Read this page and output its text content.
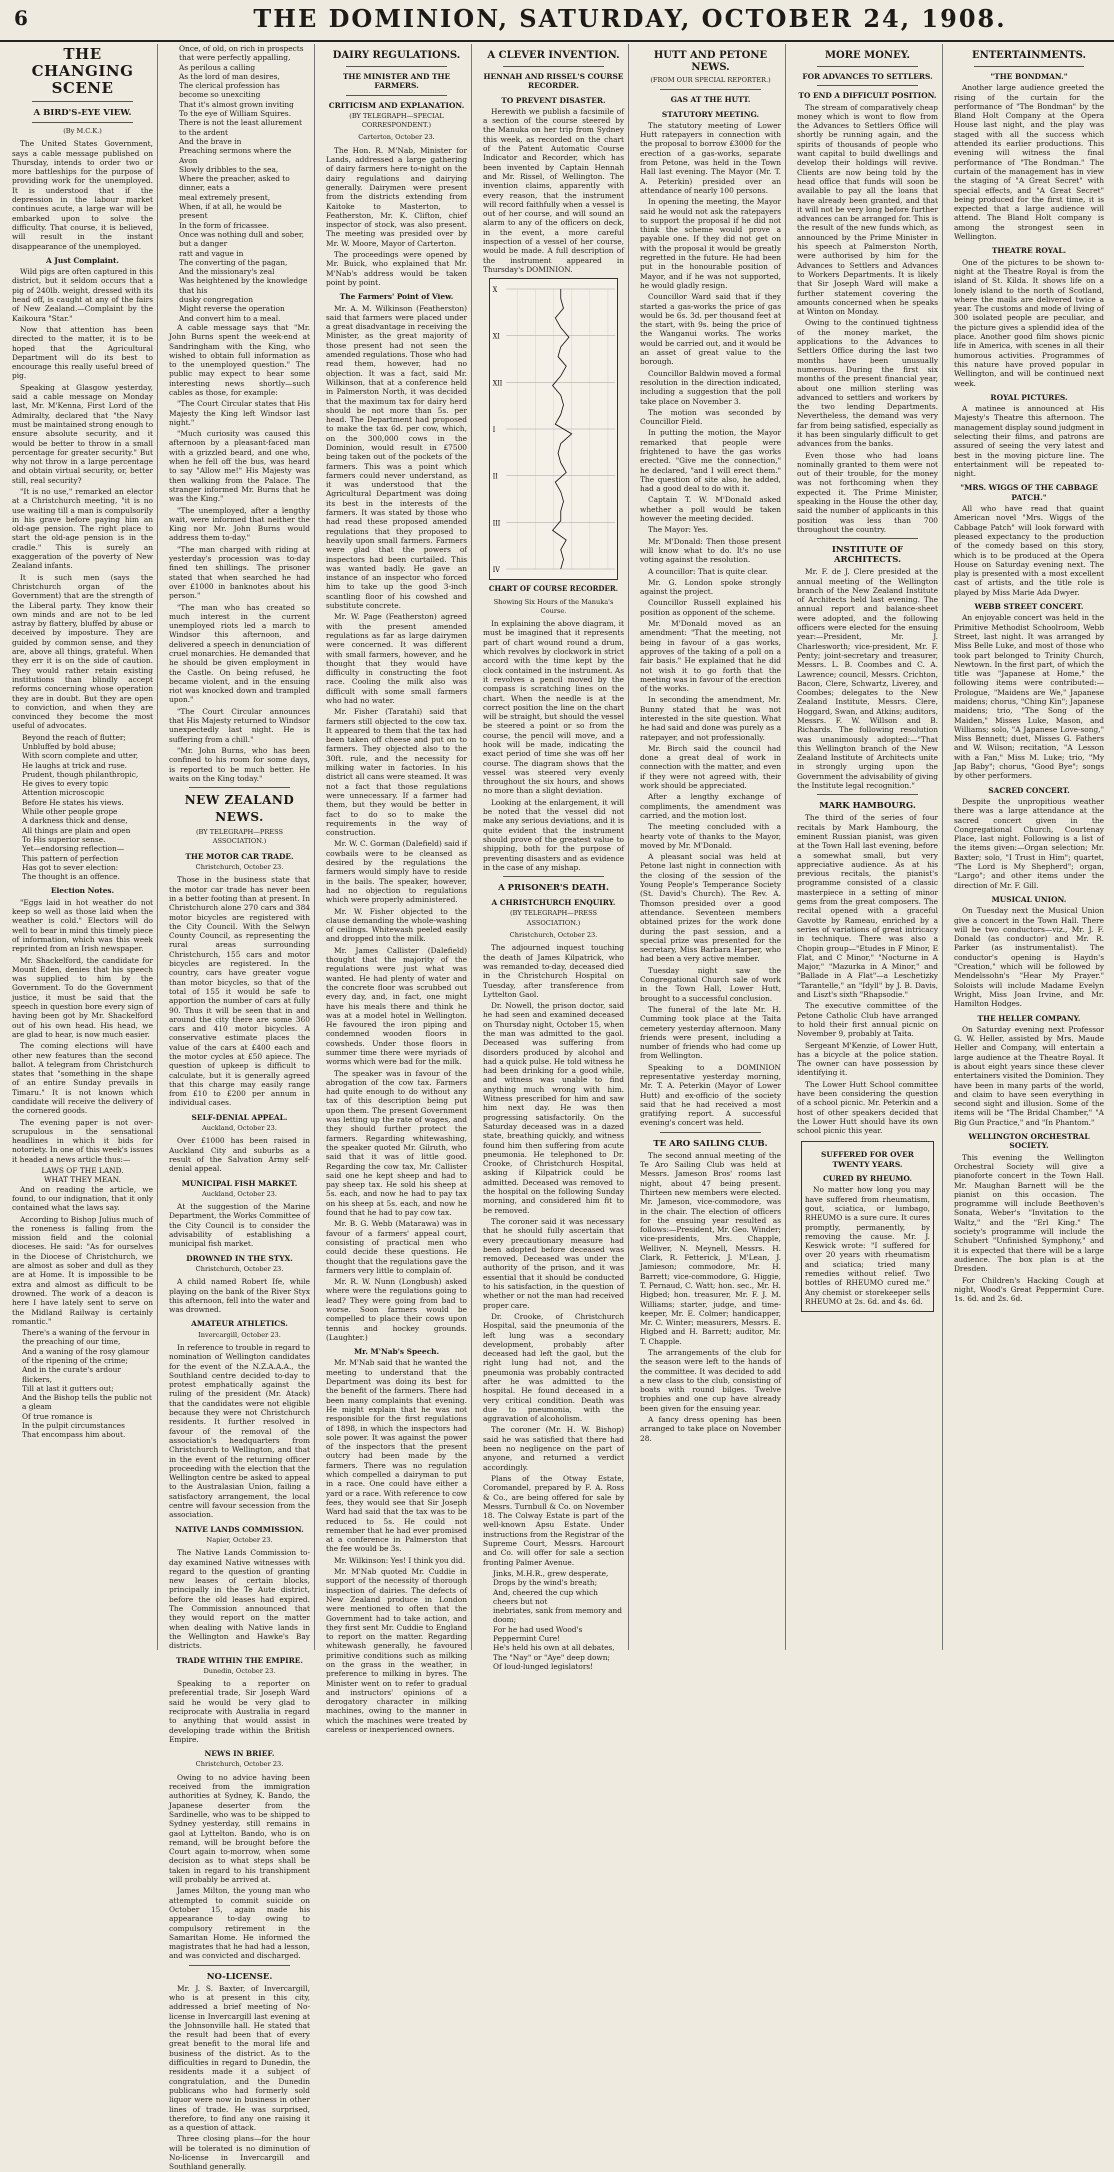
6	THE DOMINION, SATURDAY, OCTOBER 24, 1908.
THE CHANGING SCENE
A BIRD'S-EYE VIEW.
(By M.C.K.)

The United States Government, says a cable message published on Thursday, intends to order two or more battleships for the purpose of providing work for the unemployed. It is understood that if the depression in the labour market continues acute, a large war will be embarked upon to solve the difficulty. That course, it is believed, will result in the instant disappearance of the unemployed.

A Just Complaint.

Wild pigs are often captured in this district, but it seldom occurs that a pig of 240lb. weight, dressed with its head off, is caught at any of the fairs of New Zealand.—Complaint by the Kaikoura "Star."

Now that attention has been directed to the matter, it is to be hoped that the Agricultural Department will do its best to encourage this really useful breed of pig.

Speaking at Glasgow yesterday, said a cable message on Monday last, Mr. M'Kenna, First Lord of the Admiralty, declared that "the Navy must be maintained strong enough to ensure absolute security, and it would be better to throw in a small percentage for greater security." But why not throw in a large percentage and obtain virtual security, or, better still, real security?

"It is no use," remarked an elector at a Christchurch meeting, "it is no use waiting till a man is compulsorily in his grave before paying him an old-age pension. The right place to start the old-age pension is in the cradle." This is surely an exaggeration of the poverty of New Zealand infants.

It is such men (says the Christchurch organ of the Government) that are the strength of the Liberal party. They know their own minds and are not to be led astray by flattery, bluffed by abuse or deceived by imposture. They are guided by common sense, and they are, above all things, grateful. When they err it is on the side of caution. They would rather retain existing institutions than blindly accept reforms concerning whose operation they are in doubt. But they are open to conviction, and when they are convinced they become the most useful of advocates.

Beyond the reach of flutter;
Unbluffed by bold abuse;
With scorn complete and utter,
He laughs at trick and ruse.
Prudent, though philanthropic,
He gives to every topic
Attention microscopic
Before He states his views.
While other people grope
A darkness thick and dense,
All things are plain and open
To His superior sense.
Yet—endorsing reflection—
This pattern of perfection
Has got to sever election:
The thought is an offence.
Election Notes.

"Eggs laid in hot weather do not keep so well as those laid when the weather is cold." Electors will do well to bear in mind this timely piece of information, which was this week reprinted from an Irish newspaper.

Mr. Shackelford, the candidate for Mount Eden, denies that his speech was supplied to him by the Government. To do the Government justice, it must be said that the speech in question bore every sign of having been got by Mr. Shackelford out of his own head. His head, we are glad to hear, is now much easier.

The coming elections will have other new features than the second ballot. A telegram from Christchurch states that "something in the shape of an entire Sunday prevails in Timaru." It is not known which candidate will receive the delivery of the cornered goods.

The evening paper is not over-scrupulous in the sensational headlines in which it bids for notoriety. In one of this week's issues it headed a news article thus:—

LAWS OF THE LAND.
WHAT THEY MEAN.

And on reading the article, we found, to our indignation, that it only contained what the laws say.

According to Bishop Julius much of the roneness is falling from the mission field and the colonial dioceses. He said: "As for ourselves in the Diocese of Christchurch, we are almost as sober and dull as they are at Home. It is impossible to be extra and almost as difficult to be drowned. The work of a deacon is here I have lately sent to serve on the Midland Railway is certainly romantic."

There's a waning of the fervour in the preaching of our time,
And a waning of the rosy glamour of the ripening of the crime;
And in the curate's ardour flickers,
Till at last it gutters out;
And the Bishop tells the public not a gleam
Of true romance is
In the pulpit circumstances
That encompass him about.
Once, of old, on rich in prospects that were perfectly appalling,
As perilous a calling
As the lord of man desires,
The clerical profession has become so unexciting
That it's almost grown inviting
To the eye of William Squires.
There is not the least allurement to the ardent
And the brave in
Preaching sermons where the Avon
Slowly dribbles to the sea,
Where the preacher, asked to dinner, eats a
meal extremely present,
When, if at all, he would be present
In the form of fricassee.
Once was nothing dull and sober, but a danger
ratt and vague in
The converting of the pagan,
And the missionary's zeal
Was heightened by the knowledge that his
dusky congregation
Might reverse the operation
And convert him to a meal.

A cable message says that "Mr. John Burns spent the week-end at Sandringham with the King, who wished to obtain full information as to the unemployed question." The public may expect to hear some interesting news shortly—such cables as those, for example:

"The Court Circular states that His Majesty the King left Windsor last night."

"Much curiosity was caused this afternoon by a pleasant-faced man with a grizzled beard, and one who, when he fell off the bus, was heard to say "Allow me!" His Majesty was then walking from the Palace. The stranger informed Mr. Burns that he was the King."

"The unemployed, after a lengthy wait, were informed that neither the King nor Mr. John Burns would address them to-day."

"The man charged with riding at yesterday's procession was to-day fined ten shillings. The prisoner stated that when searched he had over £1000 in banknotes about his person."

"The man who has created so much interest in the current unemployed riots led a march to Windsor this afternoon, and delivered a speech in denunciation of cruel monarchies. He demanded that he should be given employment in the Castle. On being refused, he became violent, and in the ensuing riot was knocked down and trampled upon."

"The Court Circular announces that His Majesty returned to Windsor unexpectedly last night. He is suffering from a chill."

"Mr. John Burns, who has been confined to his room for some days, is reported to be much better. He waits on the King today."

NEW ZEALAND NEWS.
(BY TELEGRAPH—PRESS ASSOCIATION.)
THE MOTOR CAR TRADE.
Christchurch, October 23.

Those in the business state that the motor car trade has never been in a better footing than at present. In Christchurch alone 270 cars and 384 motor bicycles are registered with the City Council. With the Selwyn County Council, as representing the rural areas surrounding Christchurch, 155 cars and motor bicycles are registered. In the country, cars have greater vogue than motor bicycles, so that of the total of 155 it would be safe to apportion the number of cars at fully 90. Thus it will be seen that in and around the city there are some 360 cars and 410 motor bicycles. A conservative estimate places the value of the cars at £400 each and the motor cycles at £50 apiece. The question of upkeep is difficult to calculate, but it is generally agreed that this charge may easily range from £10 to £200 per annum in individual cases.

SELF-DENIAL APPEAL.
Auckland, October 23.

Over £1000 has been raised in Auckland City and suburbs as a result of the Salvation Army self-denial appeal.

MUNICIPAL FISH MARKET.
Auckland, October 23.

At the suggestion of the Marine Department, the Works Committee of the City Council is to consider the advisability of establishing a municipal fish market.

DROWNED IN THE STYX.
Christchurch, October 23.

A child named Robert Ife, while playing on the bank of the River Styx this afternoon, fell into the water and was drowned.

AMATEUR ATHLETICS.
Invercargill, October 23.

In reference to trouble in regard to nomination of Wellington candidates for the event of the N.Z.A.A.A., the Southland centre decided to-day to protest emphatically against the ruling of the president (Mr. Atack) that the candidates were not eligible because they were not Christchurch residents. It further resolved in favour of the removal of the association's headquarters from Christchurch to Wellington, and that in the event of the returning officer proceeding with the election that the Wellington centre be asked to appeal to the Australasian Union, failing a satisfactory arrangement, the local centre will favour secession from the association.

NATIVE LANDS COMMISSION.
Napier, October 23.

The Native Lands Commission to-day examined Native witnesses with regard to the question of granting new leases of certain blocks, principally in the Te Aute district, before the old leases had expired. The Commission announced that they would report on the matter when dealing with Native lands in the Wellington and Hawke's Bay districts.

TRADE WITHIN THE EMPIRE.
Dunedin, October 23.

Speaking to a reporter on preferential trade, Sir Joseph Ward said he would be very glad to reciprocate with Australia in regard to anything that would assist in developing trade within the British Empire.

NEWS IN BRIEF.
Christchurch, October 23.

Owing to no advice having been received from the immigration authorities at Sydney, K. Bando, the Japanese deserter from the Sardinelle, who was to be shipped to Sydney yesterday, still remains in gaol at Lyttelton. Bando, who is on remand, will be brought before the Court again to-morrow, when some decision as to what steps shall be taken in regard to his transhipment will probably be arrived at.

James Milton, the young man who attempted to commit suicide on October 15, again made his appearance to-day owing to compulsory retirement in the Samaritan Home. He informed the magistrates that he had had a lesson, and was convicted and discharged.

NO-LICENSE.

Mr. J. S. Baxter, of Invercargill, who is at present in this city, addressed a brief meeting of No-license in Invercargill last evening at the Johnsonville hall. He stated that the result had been that of every great benefit to the moral life and business of the district. As to the difficulties in regard to Dunedin, the residents made it a subject of congratulation, and the Dunedin publicans who had formerly sold liquor were now in business in other lines of trade. He was surprised, therefore, to find any one raising it as a question of attack.

Three closing plans—for the hour will be tolerated is no diminution of No-license in Invercargill and Southland generally.

DAIRY REGULATIONS.
THE MINISTER AND THE FARMERS.
CRITICISM AND EXPLANATION.
(BY TELEGRAPH—SPECIAL CORRESPONDENT.)
Carterton, October 23.

The Hon. R. M'Nab, Minister for Lands, addressed a large gathering of dairy farmers here to-night on the dairy regulations and dairying generally. Dairymen were present from the districts extending from Kaitoke to Masterton, to Featherston, Mr. K. Clifton, chief inspector of stock, was also present. The meeting was presided over by Mr. W. Moore, Mayor of Carterton.

The proceedings were opened by Mr. Buick, who explained that Mr. M'Nab's address would be taken point by point.

The Farmers' Point of View.

Mr. A. M. Wilkinson (Featherston) said that farmers were placed under a great disadvantage in receiving the Minister, as the great majority of those present had not seen the amended regulations. Those who had read them, however, had no objection. It was a fact, said Mr. Wilkinson, that at a conference held in Palmerston North, it was decided that the maximum tax for dairy herd should be not more than 5s. per head. The Department had proposed to make the tax 6d. per cow, which, on the 300,000 cows in the Dominion, would result in £7500 being taken out of the pockets of the farmers. This was a point which farmers could never understand, as it was understood that the Agricultural Department was doing its best in the interests of the farmers. It was stated by those who had read these proposed amended regulations that they proposed to heavily upon small farmers. Farmers were glad that the powers of inspectors had been curtailed. This was wanted badly. He gave an instance of an inspector who forced him to take up the good 3-inch scantling floor of his cowshed and substitute concrete.

Mr. W. Page (Featherston) agreed with the present amended regulations as far as large dairymen were concerned. It was different with small farmers, however, and he thought that they would have difficulty in constructing the foot race. Cooling the milk also was difficult with some small farmers who had no water.

Mr. Fisher (Taratahi) said that farmers still objected to the cow tax. It appeared to them that the tax had been taken off cheese and put on to farmers. They objected also to the 30ft. rule, and the necessity for milking water in factories. In his district all cans were steamed. It was not a fact that those regulations were unnecessary. If a farmer had them, but they would be better in fact to do so to make the requirements in the way of construction.

Mr. W. C. Gorman (Dalefield) said if cowbails were to be cleansed as desired by the regulations the farmers would simply have to reside in the bails. The speaker, however, had no objection to regulations which were properly administered.

Mr. W. Fisher objected to the clause demanding the whole-washing of ceilings. Whitewash peeled easily and dropped into the milk.

Mr. James Callister (Dalefield) thought that the majority of the regulations were just what was wanted. He had plenty of water and the concrete floor was scrubbed out every day, and, in fact, one might have his meals there and think he was at a model hotel in Wellington. He favoured the iron piping and condemned wooden floors in cowsheds. Under those floors in summer time there were myriads of worms which were bad for the milk.

The speaker was in favour of the abrogation of the cow tax. Farmers had quite enough to do without any tax of this description being put upon them. The present Government was letting up the rate of wages, and they should further protect the farmers. Regarding whitewashing, the speaker quoted Mr. Gilruth, who said that it was of little good. Regarding the cow tax, Mr. Callister said one he kept sheep and had to pay sheep tax. He sold his sheep at 5s. each, and now he had to pay tax on his sheep at 5s. each, and now he found that he had to pay cow tax.

Mr. B. G. Webb (Matarawa) was in favour of a farmers' appeal court, consisting of practical men who could decide these questions. He thought that the regulations gave the farmers very little to complain of.

Mr. R. W. Nunn (Longbush) asked where were the regulations going to lead? They were going from bad to worse. Soon farmers would be compelled to place their cows upon tennis and hockey grounds. (Laughter.)

Mr. M'Nab's Speech.

Mr. M'Nab said that he wanted the meeting to understand that the Department was doing its best for the benefit of the farmers. There had been many complaints that evening. He might explain that he was not responsible for the first regulations of 1898, in which the inspectors had sole power. It was against the power of the inspectors that the present outcry had been made by the farmers. There was no regulation which compelled a dairyman to put in a race. One could have either a yard or a race. With reference to cow fees, they would see that Sir Joseph Ward had said that the tax was to be reduced to 5s. He could not remember that he had ever promised at a conference in Palmerston that the fee would be 3s.

Mr. Wilkinson: Yes! I think you did.

Mr. M'Nab quoted Mr. Cuddie in support of the necessity of thorough inspection of dairies. The defects of New Zealand produce in London were mentioned to often that the Government had to take action, and they first sent Mr. Cuddie to England to report on the matter. Regarding whitewash generally, he favoured primitive conditions such as milking on the grass in the weather, in preference to milking in byres. The Minister went on to refer to gradual and instructors' opinions of a derogatory character in milking machines, owing to the manner in which the machines were treated by careless or inexperienced owners.

A CLEVER INVENTION.
HENNAH AND RISSEL'S COURSE RECORDER.
TO PREVENT DISASTER.

Herewith we publish a facsimile of a section of the course steered by the Manuka on her trip from Sydney this week, as recorded on the chart of the Patent Automatic Course Indicator and Recorder, which has been invented by Captain Hennah and Mr. Rissel, of Wellington. The invention claims, apparently with every reason, that the instrument will record faithfully when a vessel is out of her course, and will sound an alarm to any of the officers on deck, in the event, a more careful inspection of a vessel of her course, would be made. A full description of the instrument appeared in Thursday's DOMINION.

X
XI
XII
I
II
III
IV
CHART OF COURSE RECORDER.
Showing Six Hours of the Manuka's Course.

In explaining the above diagram, it must be imagined that it represents part of chart wound round a drum, which revolves by clockwork in strict accord with the time kept by the clock contained in the instrument. As it revolves a pencil moved by the compass is scratching lines on the chart. When the needle is at the correct position the line on the chart will be straight, but should the vessel be steered a point or so from the course, the pencil will move, and a hook will be made, indicating the exact period of time she was off her course. The diagram shows that the vessel was steered very evenly throughout the six hours, and shows no more than a slight deviation.

Looking at the enlargement, it will be noted that the vessel did not make any serious deviations, and it is quite evident that the instrument should prove of the greatest value to shipping, both for the purpose of preventing disasters and as evidence in the case of any mishap.

A PRISONER'S DEATH.
A CHRISTCHURCH ENQUIRY.
(BY TELEGRAPH—PRESS ASSOCIATION.)
Christchurch, October 23.

The adjourned inquest touching the death of James Kilpatrick, who was remanded to-day, deceased died in the Christchurch Hospital on Tuesday, after transference from Lyttelton Gaol.

Dr. Nowell, the prison doctor, said he had seen and examined deceased on Thursday night, October 15, when the man was admitted to the gaol. Deceased was suffering from disorders produced by alcohol and had a quick pulse. He told witness he had been drinking for a good while, and witness was unable to find anything much wrong with him. Witness prescribed for him and saw him next day. He was then progressing satisfactorily. On the Saturday deceased was in a dazed state, breathing quickly, and witness found him then suffering from acute pneumonia. He telephoned to Dr. Crooke, of Christchurch Hospital, asking if Kilpatrick could be admitted. Deceased was removed to the hospital on the following Sunday morning, and considered him fit to be removed.

The coroner said it was necessary that he should fully ascertain that every precautionary measure had been adopted before deceased was removed. Deceased was under the authority of the prison, and it was essential that it should be conducted to his satisfaction, in the question of whether or not the man had received proper care.

Dr. Crooke, of Christchurch Hospital, said the pneumonia of the left lung was a secondary development, probably after deceased had left the gaol, but the right lung had not, and the pneumonia was probably contracted after he was admitted to the hospital. He found deceased in a very critical condition. Death was due to pneumonia, with the aggravation of alcoholism.

The coroner (Mr. H. W. Bishop) said he was satisfied that there had been no negligence on the part of anyone, and returned a verdict accordingly.

Plans of the Otway Estate, Coromandel, prepared by F. A. Ross & Co., are being offered for sale by Messrs. Turnbull & Co. on November 18. The Colway Estate is part of the well-known Apsu Estate. Under instructions from the Registrar of the Supreme Court, Messrs. Harcourt and Co. will offer for sale a section fronting Palmer Avenue.

Jinks, M.H.R., grew desperate,
Drops by the wind's breath;
And, cheered the cup which cheers but not
inebriates, sank from memory and doom;
For he had used Wood's Peppermint Cure!
He's held his own at all debates,
The "Nay" or "Aye" deep down;
Of loud-lunged legislators!
HUTT AND PETONE NEWS.
(FROM OUR SPECIAL REPORTER.)
GAS AT THE HUTT.
STATUTORY MEETING.

The statutory meeting of Lower Hutt ratepayers in connection with the proposal to borrow £3000 for the erection of a gas-works, separate from Petone, was held in the Town Hall last evening. The Mayor (Mr. T. A. Peterkin) presided over an attendance of nearly 100 persons.

In opening the meeting, the Mayor said he would not ask the ratepayers to support the proposal if he did not think the scheme would prove a payable one. If they did not get on with the proposal it would be greatly regretted in the future. He had been put in the honourable position of Mayor, and if he was not supported, he would gladly resign.

Councillor Ward said that if they started a gas-works the price of gas would be 6s. 3d. per thousand feet at the start, with 9s. being the price of the Wanganui works. The works would be carried out, and it would be an asset of great value to the borough.

Councillor Baldwin moved a formal resolution in the direction indicated, including a suggestion that the poll take place on November 3.

The motion was seconded by Councillor Field.

In putting the motion, the Mayor remarked that people were frightened to have the gas works erected. "Give me the connection," he declared, "and I will erect them." The question of site also, he added, had a good deal to do with it.

Captain T. W. M'Donald asked whether a poll would be taken however the meeting decided.

The Mayor: Yes.

Mr. M'Donald: Then those present will know what to do. It's no use voting against the resolution.

A councillor: That is quite clear.

Mr. G. London spoke strongly against the project.

Councillor Russell explained his position as opponent of the scheme.

Mr. M'Donald moved as an amendment: "That the meeting, not being in favour of a gas works, approves of the taking of a poll on a fair basis." He explained that he did not wish it to go forth that the meeting was in favour of the erection of the works.

In seconding the amendment, Mr. Bunny stated that he was not interested in the site question. What he had said and done was purely as a ratepayer, and not professionally.

Mr. Birch said the council had done a great deal of work in connection with the matter, and even if they were not agreed with, their work should be appreciated.

After a lengthy exchange of compliments, the amendment was carried, and the motion lost.

The meeting concluded with a hearty vote of thanks to the Mayor, moved by Mr. M'Donald.

A pleasant social was held at Petone last night in connection with the closing of the session of the Young People's Temperance Society (St. David's Church). The Rev. A. Thomson presided over a good attendance. Seventeen members obtained prizes for the work done during the past session, and a special prize was presented for the secretary, Miss Barbara Harper, who had been a very active member.

Tuesday night saw the Congregational Church sale of work in the Town Hall, Lower Hutt, brought to a successful conclusion.

The funeral of the late Mr. H. Cumming took place at the Taita cemetery yesterday afternoon. Many friends were present, including a number of friends who had come up from Wellington.

Speaking to a DOMINION representative yesterday morning, Mr. T. A. Peterkin (Mayor of Lower Hutt) and ex-officio of the society said that he had received a most gratifying report. A successful evening's concert was held.

TE ARO SAILING CLUB.

The second annual meeting of the Te Aro Sailing Club was held at Messrs. Jameson Bros' rooms last night, about 47 being present. Thirteen new members were elected. Mr. Jameson, vice-commodore, was in the chair. The election of officers for the ensuing year resulted as follows:—President, Mr. Geo. Winder; vice-presidents, Mrs. Chapple, Welliver, N. Meynell, Messrs. H. Clark, R. Fetterick, J. M'Lean, J. Jamieson; commodore, Mr. H. Barrett; vice-commodore, G. Higgie, T. Pernaud, C. Watt; hon. sec., Mr. H. Higbed; hon. treasurer, Mr. F. J. M. Williams; starter, judge, and time-keeper, Mr. E. Colmer; handicapper, Mr. C. Winter; measurers, Messrs. E. Higbed and H. Barrett; auditor, Mr. T. Chapple.

The arrangements of the club for the season were left to the hands of the committee. It was decided to add a new class to the club, consisting of boats with round bilges. Twelve trophies and one cup have already been given for the ensuing year.

A fancy dress opening has been arranged to take place on November 28.

MORE MONEY.
FOR ADVANCES TO SETTLERS.
TO END A DIFFICULT POSITION.

The stream of comparatively cheap money which is wont to flow from the Advances to Settlers Office will shortly be running again, and the spirits of thousands of people who want capital to build dwellings and develop their holdings will revive. Clients are now being told by the head office that funds will soon be available to pay all the loans that have already been granted, and that it will not be very long before further advances can be arranged for. This is the result of the new funds which, as announced by the Prime Minister in his speech at Palmerston North, were authorised by him for the Advances to Settlers and Advances to Workers Departments. It is likely that Sir Joseph Ward will make a further statement covering the amounts concerned when he speaks at Winton on Monday.

Owing to the continued tightness of the money market, the applications to the Advances to Settlers Office during the last two months have been unusually numerous. During the first six months of the present financial year, about one million sterling was advanced to settlers and workers by the two lending Departments. Nevertheless, the demand was very far from being satisfied, especially as it has been singularly difficult to get advances from the banks.

Even those who had loans nominally granted to them were not out of their trouble, for the money was not forthcoming when they expected it. The Prime Minister, speaking in the House the other day, said the number of applicants in this position was less than 700 throughout the country.

INSTITUTE OF ARCHITECTS.

Mr. F. de J. Clere presided at the annual meeting of the Wellington branch of the New Zealand Institute of Architects held last evening. The annual report and balance-sheet were adopted, and the following officers were elected for the ensuing year:—President, Mr. J. Charlesworth; vice-president, Mr. F. Penty; joint-secretary and treasurer, Messrs. L. B. Coombes and C. A. Lawrence; council, Messrs. Crichton, Bacon, Clere, Schwartz, Liverey, and Coombes; delegates to the New Zealand Institute, Messrs. Clere, Hoggard, Swan, and Atkins; auditors, Messrs. F. W. Willson and B. Richards. The following resolution was unanimously adopted:—"That this Wellington branch of the New Zealand Institute of Architects unite in strongly urging upon the Government the advisability of giving the Institute legal recognition."

MARK HAMBOURG.

The third of the series of four recitals by Mark Hambourg, the eminent Russian pianist, was given at the Town Hall last evening, before a somewhat small, but very appreciative audience. As at his previous recitals, the pianist's programme consisted of a classic masterpiece in a setting of minor gems from the great composers. The recital opened with a graceful Gavotte by Rameau, enriched by a series of variations of great intricacy in technique. There was also a Chopin group—"Etudes in F Minor, E Flat, and C Minor," "Nocturne in A Major," "Mazurka in A Minor," and "Ballade in A Flat"—a Leschetizky "Tarantelle," an "Idyll" by J. B. Davis, and Liszt's sixth "Rhapsodie."

The executive committee of the Petone Catholic Club have arranged to hold their first annual picnic on November 9, probably at Taita.

Sergeant M'Kenzie, of Lower Hutt, has a bicycle at the police station. The owner can have possession by identifying it.

The Lower Hutt School committee have been considering the question of a school picnic. Mr. Peterkin and a host of other speakers decided that the Lower Hutt should have its own school picnic this year.

SUFFERED FOR OVER TWENTY YEARS.
CURED BY RHEUMO.

No matter how long you may have suffered from rheumatism, gout, sciatica, or lumbago, RHEUMO is a sure cure. It cures promptly, permanently, by removing the cause. Mr. J. Keswick wrote: "I suffered for over 20 years with rheumatism and sciatica; tried many remedies without relief. Two bottles of RHEUMO cured me." Any chemist or storekeeper sells RHEUMO at 2s. 6d. and 4s. 6d.

ENTERTAINMENTS.
"THE BONDMAN."

Another large audience greeted the rising of the curtain for the performance of "The Bondman" by the Bland Holt Company at the Opera House last night, and the play was staged with all the success which attended its earlier productions. This evening will witness the final performance of "The Bondman." The curtain of the management has in view the staging of "A Great Secret" with special effects, and "A Great Secret" being produced for the first time, it is expected that a large audience will attend. The Bland Holt company is among the strongest seen in Wellington.

THEATRE ROYAL.

One of the pictures to be shown to-night at the Theatre Royal is from the island of St. Kilda. It shows life on a lonely island to the north of Scotland, where the mails are delivered twice a year. The customs and mode of living of 300 isolated people are peculiar, and the picture gives a splendid idea of the place. Another good film shows picnic life in America, with scenes in all their humorous activities. Programmes of this nature have proved popular in Wellington, and will be continued next week.

ROYAL PICTURES.

A matinee is announced at His Majesty's Theatre this afternoon. The management display sound judgment in selecting their films, and patrons are assured of seeing the very latest and best in the moving picture line. The entertainment will be repeated to-night.

"MRS. WIGGS OF THE CABBAGE PATCH."

All who have read that quaint American novel "Mrs. Wiggs of the Cabbage Patch" will look forward with pleased expectancy to the production of the comedy based on this story, which is to be produced at the Opera House on Saturday evening next. The play is presented with a most excellent cast of artists, and the title role is played by Miss Marie Ada Dwyer.

WEBB STREET CONCERT.

An enjoyable concert was held in the Primitive Methodist Schoolroom, Webb Street, last night. It was arranged by Miss Belle Luke, and most of those who took part belonged to Trinity Church, Newtown. In the first part, of which the title was "Japanese at Home," the following items were contributed:—Prologue, "Maidens are We," Japanese maidens; chorus, "Ching Kin"; Japanese maidens; trio, "The Song of the Maiden," Misses Luke, Mason, and Williams; solo, "A Japanese Love-song," Miss Bennett; duet, Misses G. Fathers and W. Wilson; recitation, "A Lesson with a Fan," Miss M. Luke; trio, "My Jap Baby"; chorus, "Good Bye"; songs by other performers.

SACRED CONCERT.

Despite the unpropitious weather there was a large attendance at the sacred concert given in the Congregational Church, Courtenay Place, last night. Following is a list of the items given:—Organ selection; Mr. Baxter; solo, "I Trust in Him"; quartet, "The Lord is My Shepherd"; organ, "Largo"; and other items under the direction of Mr. F. Gill.

MUSICAL UNION.

On Tuesday next the Musical Union give a concert in the Town Hall. There will be two conductors—viz., Mr. J. F. Donald (as conductor) and Mr. R. Parker (as instrumentalist). The conductor's opening is Haydn's "Creation," which will be followed by Mendelssohn's "Hear My Prayer." Soloists will include Madame Evelyn Wright, Miss Joan Irvine, and Mr. Hamilton Hodges.

THE HELLER COMPANY.

On Saturday evening next Professor G. W. Heller, assisted by Mrs. Maude Heller and Company, will entertain a large audience at the Theatre Royal. It is about eight years since these clever entertainers visited the Dominion. They have been in many parts of the world, and claim to have seen everything in second sight and illusion. Some of the items will be "The Bridal Chamber," "A Big Gun Practice," and "In Phantom."

WELLINGTON ORCHESTRAL SOCIETY.

This evening the Wellington Orchestral Society will give a pianoforte concert in the Town Hall. Mr. Maughan Barnett will be the pianist on this occasion. The programme will include Beethoven's Sonata, Weber's "Invitation to the Waltz," and the "Erl King." The society's programme will include the Schubert "Unfinished Symphony," and it is expected that there will be a large audience. The box plan is at the Dresden.

For Children's Hacking Cough at night, Wood's Great Peppermint Cure. 1s. 6d. and 2s. 6d.
